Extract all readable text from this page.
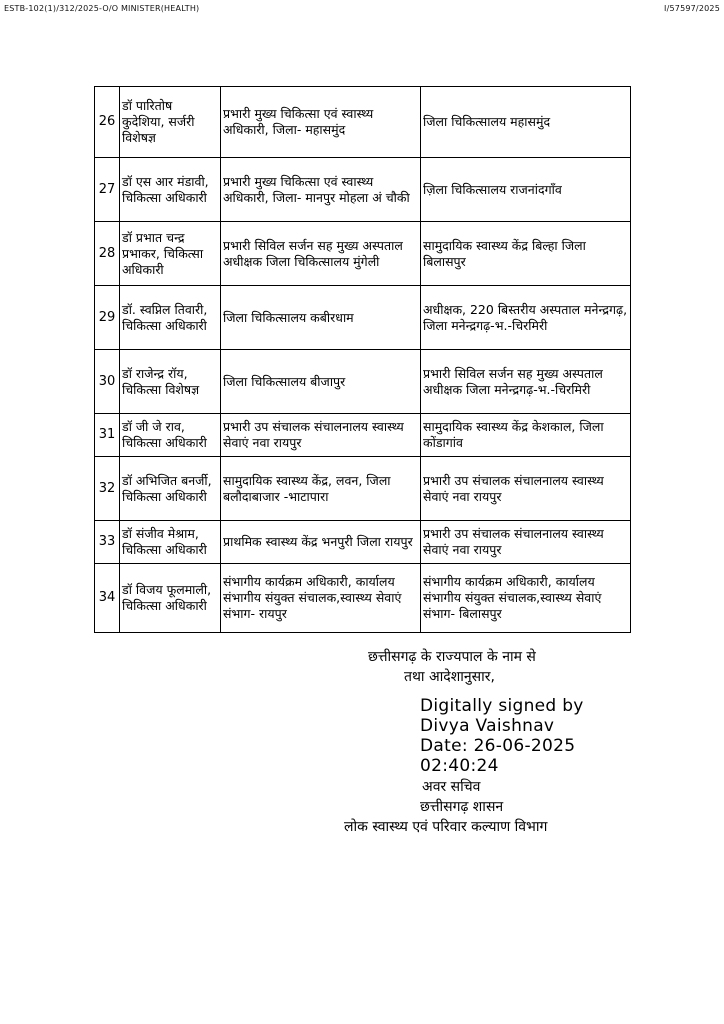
ESTB-102(1)/312/2025-O/O MINISTER(HEALTH)	I/57597/2025
26	डॉ पारितोष कुदेशिया, सर्जरी विशेषज्ञ	प्रभारी मुख्य चिकित्सा एवं स्वास्थ्य अधिकारी, जिला- महासमुंद	जिला चिकित्सालय महासमुंद
27	डॉ एस आर मंडावी, चिकित्सा अधिकारी	प्रभारी मुख्य चिकित्सा एवं स्वास्थ्य अधिकारी, जिला- मानपुर मोहला अं चौकी	ज़िला चिकित्सालय राजनांदगाँव
28	डॉ प्रभात चन्द्र प्रभाकर, चिकित्सा अधिकारी	प्रभारी सिविल सर्जन सह मुख्य अस्पताल अधीक्षक जिला चिकित्सालय मुंगेली	सामुदायिक स्वास्थ्य केंद्र बिल्हा जिला बिलासपुर
29	डॉ. स्वप्निल तिवारी, चिकित्सा अधिकारी	जिला चिकित्सालय कबीरधाम	अधीक्षक, 220 बिस्तरीय अस्पताल मनेन्द्रगढ़, जिला मनेन्द्रगढ़-भ.-चिरमिरी
30	डॉ राजेन्द्र रॉय, चिकित्सा विशेषज्ञ	जिला चिकित्सालय बीजापुर	प्रभारी सिविल सर्जन सह मुख्य अस्पताल अधीक्षक जिला मनेन्द्रगढ़-भ.-चिरमिरी
31	डॉ जी जे राव, चिकित्सा अधिकारी	प्रभारी उप संचालक संचालनालय स्वास्थ्य सेवाएं नवा रायपुर	सामुदायिक स्वास्थ्य केंद्र केशकाल, जिला कोंडागांव
32	डॉ अभिजित बनर्जी, चिकित्सा अधिकारी	सामुदायिक स्वास्थ्य केंद्र, लवन, जिला बलौदाबाजार -भाटापारा	प्रभारी उप संचालक संचालनालय स्वास्थ्य सेवाएं नवा रायपुर
33	डॉ संजीव मेश्राम, चिकित्सा अधिकारी	प्राथमिक स्वास्थ्य केंद्र भनपुरी जिला रायपुर	प्रभारी उप संचालक संचालनालय स्वास्थ्य सेवाएं नवा रायपुर
34	डॉ विजय फूलमाली, चिकित्सा अधिकारी	संभागीय कार्यक्रम अधिकारी, कार्यालय संभागीय संयुक्त संचालक,स्वास्थ्य सेवाएं संभाग- रायपुर	संभागीय कार्यक्रम अधिकारी, कार्यालय संभागीय संयुक्त संचालक,स्वास्थ्य सेवाएं संभाग- बिलासपुर
छत्तीसगढ़ के राज्यपाल के नाम से
तथा आदेशानुसार,
Digitally signed by
Divya Vaishnav
Date: 26-06-2025
02:40:24
अवर सचिव
छत्तीसगढ़ शासन
लोक स्वास्थ्य एवं परिवार कल्याण विभाग
